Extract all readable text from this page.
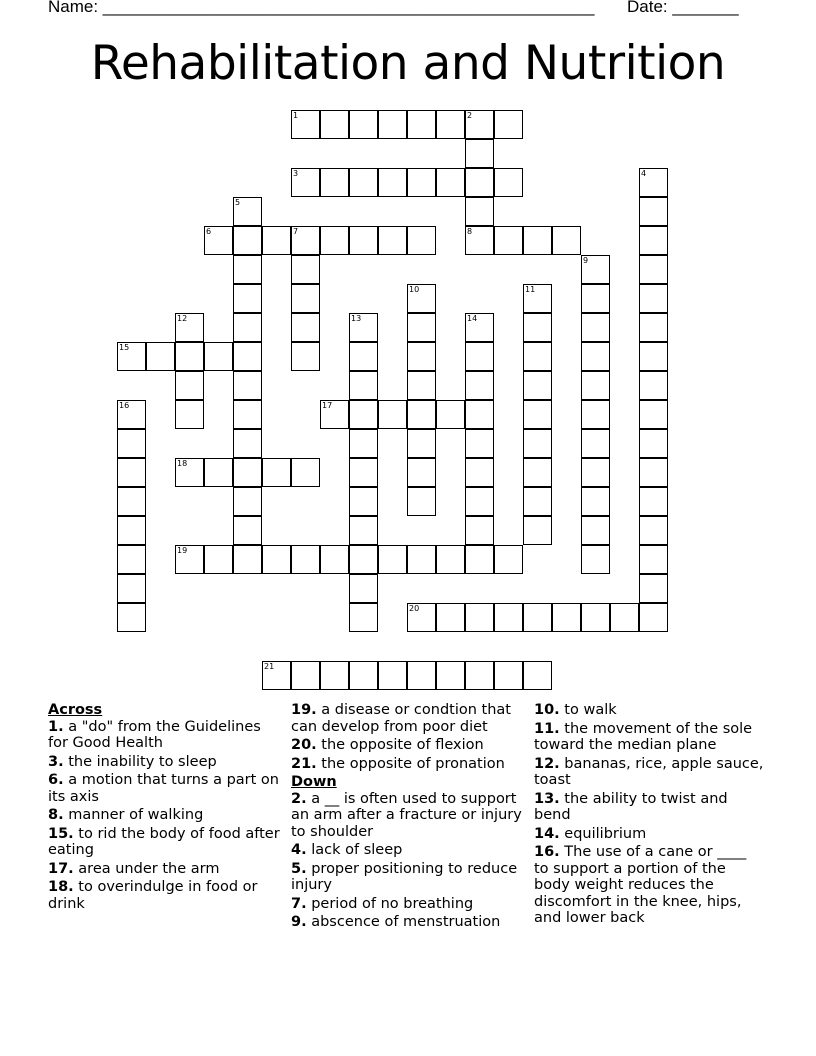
Name: ____________________________________________________ Date: _______
Rehabilitation and Nutrition
1	2
8
3	4
5
6	7
9
10	11
12	13	14
15
16	17
18
19
20
21
Across
1. a "do" from the Guidelines for Good Health
3. the inability to sleep
6. a motion that turns a part on its axis
8. manner of walking
15. to rid the body of food after eating
17. area under the arm
18. to overindulge in food or drink
19. a disease or condtion that can develop from poor diet
20. the opposite of flexion
21. the opposite of pronation
Down
2. a __ is often used to support an arm after a fracture or injury to shoulder
4. lack of sleep
5. proper positioning to reduce injury
7. period of no breathing
9. abscence of menstruation
10. to walk
11. the movement of the sole toward the median plane
12. bananas, rice, apple sauce, toast
13. the ability to twist and bend
14. equilibrium
16. The use of a cane or ____ to support a portion of the body weight reduces the discomfort in the knee, hips, and lower back
